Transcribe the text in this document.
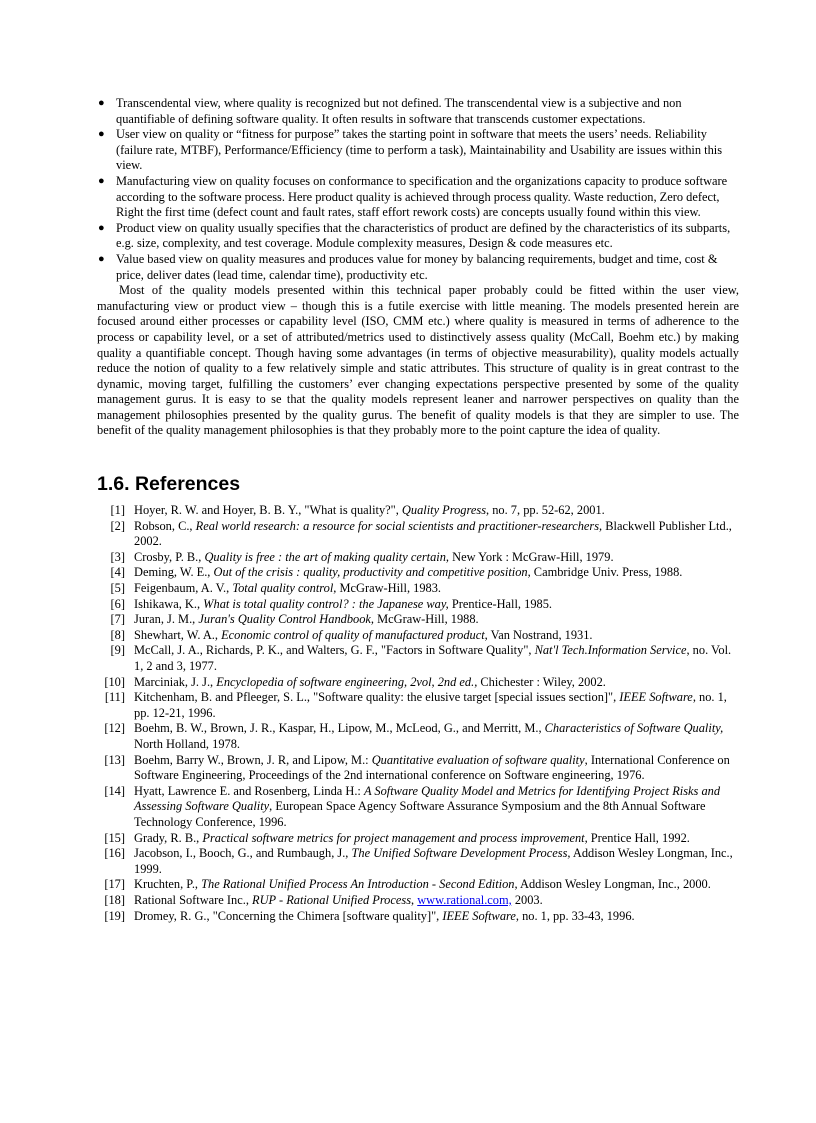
● Transcendental view, where quality is recognized but not defined. The transcendental view is a subjective and non quantifiable of defining software quality. It often results in software that transcends customer expectations.
● User view on quality or “fitness for purpose” takes the starting point in software that meets the users’ needs. Reliability (failure rate, MTBF), Performance/Efficiency (time to perform a task), Maintainability and Usability are issues within this view.
● Manufacturing view on quality focuses on conformance to specification and the organizations capacity to produce software according to the software process. Here product quality is achieved through process quality. Waste reduction, Zero defect, Right the first time (defect count and fault rates, staff effort rework costs) are concepts usually found within this view.
● Product view on quality usually specifies that the characteristics of product are defined by the characteristics of its subparts, e.g. size, complexity, and test coverage. Module complexity measures, Design & code measures etc.
● Value based view on quality measures and produces value for money by balancing requirements, budget and time, cost & price, deliver dates (lead time, calendar time), productivity etc.

Most of the quality models presented within this technical paper probably could be fitted within the user view, manufacturing view or product view – though this is a futile exercise with little meaning. The models presented herein are focused around either processes or capability level (ISO, CMM etc.) where quality is measured in terms of adherence to the process or capability level, or a set of attributed/metrics used to distinctively assess quality (McCall, Boehm etc.) by making quality a quantifiable concept. Though having some advantages (in terms of objective measurability), quality models actually reduce the notion of quality to a few relatively simple and static attributes. This structure of quality is in great contrast to the dynamic, moving target, fulfilling the customers’ ever changing expectations perspective presented by some of the quality management gurus. It is easy to se that the quality models represent leaner and narrower perspectives on quality than the management philosophies presented by the quality gurus. The benefit of quality models is that they are simpler to use. The benefit of the quality management philosophies is that they probably more to the point capture the idea of quality.

1.6. References
[1] Hoyer, R. W. and Hoyer, B. B. Y., "What is quality?", Quality Progress, no. 7, pp. 52-62, 2001.
[2] Robson, C., Real world research: a resource for social scientists and practitioner-researchers, Blackwell Publisher Ltd., 2002.
[3] Crosby, P. B., Quality is free : the art of making quality certain, New York : McGraw-Hill, 1979.
[4] Deming, W. E., Out of the crisis : quality, productivity and competitive position, Cambridge Univ. Press, 1988.
[5] Feigenbaum, A. V., Total quality control, McGraw-Hill, 1983.
[6] Ishikawa, K., What is total quality control? : the Japanese way, Prentice-Hall, 1985.
[7] Juran, J. M., Juran's Quality Control Handbook, McGraw-Hill, 1988.
[8] Shewhart, W. A., Economic control of quality of manufactured product, Van Nostrand, 1931.
[9] McCall, J. A., Richards, P. K., and Walters, G. F., "Factors in Software Quality", Nat'l Tech.Information Service, no. Vol. 1, 2 and 3, 1977.
[10] Marciniak, J. J., Encyclopedia of software engineering, 2vol, 2nd ed., Chichester : Wiley, 2002.
[11] Kitchenham, B. and Pfleeger, S. L., "Software quality: the elusive target [special issues section]", IEEE Software, no. 1, pp. 12-21, 1996.
[12] Boehm, B. W., Brown, J. R., Kaspar, H., Lipow, M., McLeod, G., and Merritt, M., Characteristics of Software Quality, North Holland, 1978.
[13] Boehm, Barry W., Brown, J. R, and Lipow, M.: Quantitative evaluation of software quality, International Conference on Software Engineering, Proceedings of the 2nd international conference on Software engineering, 1976.
[14] Hyatt, Lawrence E. and Rosenberg, Linda H.: A Software Quality Model and Metrics for Identifying Project Risks and Assessing Software Quality, European Space Agency Software Assurance Symposium and the 8th Annual Software Technology Conference, 1996.
[15] Grady, R. B., Practical software metrics for project management and process improvement, Prentice Hall, 1992.
[16] Jacobson, I., Booch, G., and Rumbaugh, J., The Unified Software Development Process, Addison Wesley Longman, Inc., 1999.
[17] Kruchten, P., The Rational Unified Process An Introduction - Second Edition, Addison Wesley Longman, Inc., 2000.
[18] Rational Software Inc., RUP - Rational Unified Process, www.rational.com, 2003.
[19] Dromey, R. G., "Concerning the Chimera [software quality]", IEEE Software, no. 1, pp. 33-43, 1996.
